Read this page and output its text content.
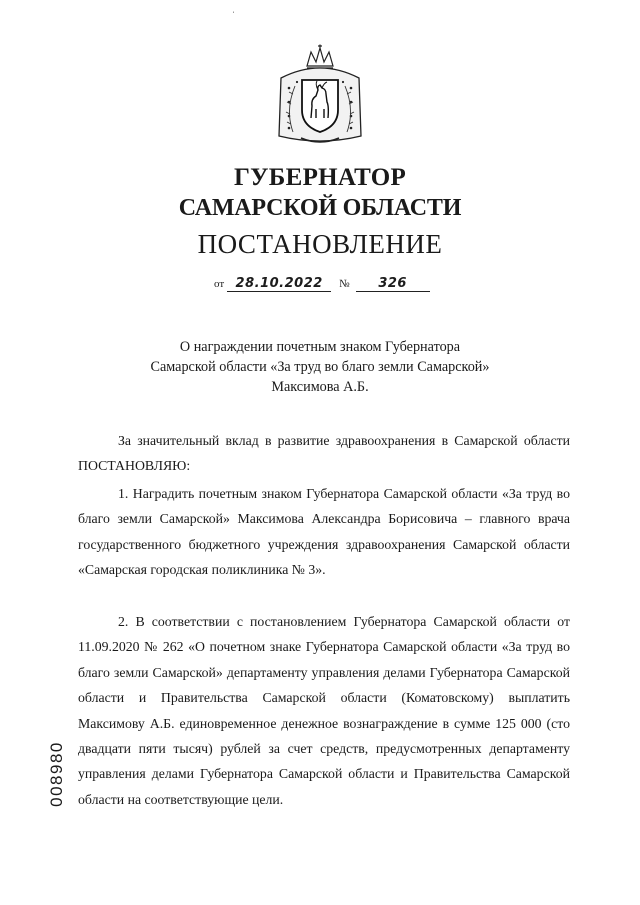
ˈ
ГУБЕРНАТОР
САМАРСКОЙ ОБЛАСТИ
ПОСТАНОВЛЕНИЕ
от 28.10.2022 № 326
О награждении почетным знаком Губернатора
Самарской области «За труд во благо земли Самарской»
Максимова А.Б.
За значительный вклад в развитие здравоохранения в Самарской области ПОСТАНОВЛЯЮ:
1. Наградить почетным знаком Губернатора Самарской области «За труд во благо земли Самарской» Максимова Александра Борисовича – главного врача государственного бюджетного учреждения здравоохранения Самарской области «Самарская городская поликлиника № 3».
2. В соответствии с постановлением Губернатора Самарской области от 11.09.2020 № 262 «О почетном знаке Губернатора Самарской области «За труд во благо земли Самарской» департаменту управления делами Губернатора Самарской области и Правительства Самарской области (Коматовскому) выплатить Максимову А.Б. единовременное денежное вознаграждение в сумме 125 000 (сто двадцати пяти тысяч) рублей за счет средств, предусмотренных департаменту управления делами Губернатора Самарской области и Правительства Самарской области на соответствующие цели.
008980
